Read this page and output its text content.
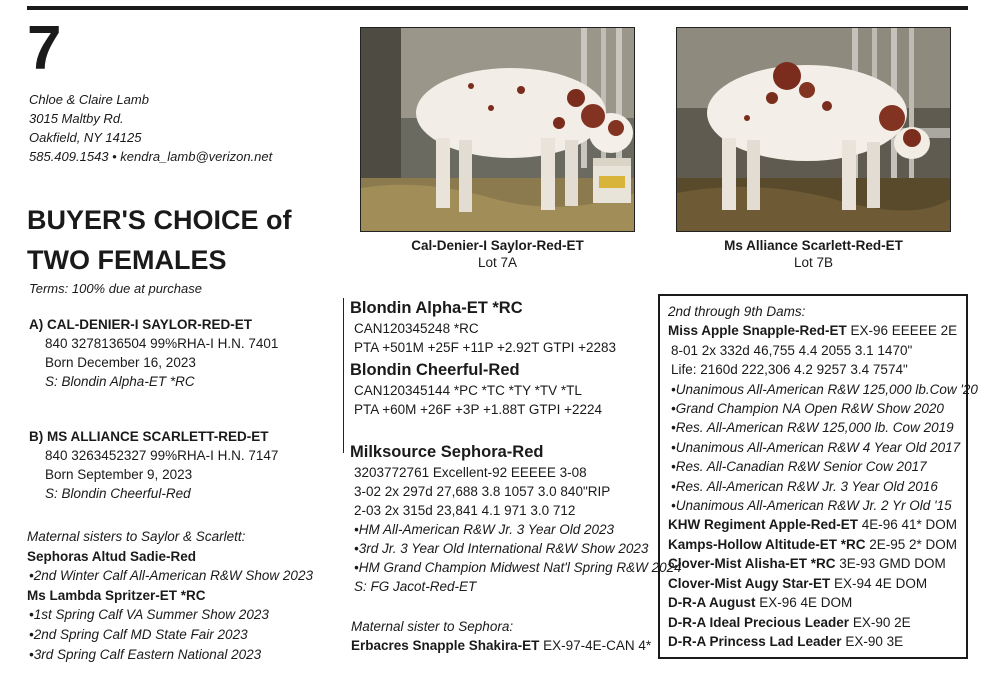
7
Chloe & Claire Lamb
3015 Maltby Rd.
Oakfield, NY 14125
585.409.1543 • kendra_lamb@verizon.net
BUYER'S CHOICE of
TWO FEMALES
Terms: 100% due at purchase
A) CAL-DENIER-I SAYLOR-RED-ET
840 3278136504 99%RHA-I H.N. 7401
Born December 16, 2023
S: Blondin Alpha-ET *RC
B) MS ALLIANCE SCARLETT-RED-ET
840 3263452327 99%RHA-I H.N. 7147
Born September 9, 2023
S: Blondin Cheerful-Red
Maternal sisters to Saylor & Scarlett:
Sephoras Altud Sadie-Red
•2nd Winter Calf All-American R&W Show 2023
Ms Lambda Spritzer-ET *RC
•1st Spring Calf VA Summer Show 2023
•2nd Spring Calf MD State Fair 2023
•3rd Spring Calf Eastern National 2023
Cal-Denier-I Saylor-Red-ET
Lot 7A
Ms Alliance Scarlett-Red-ET
Lot 7B
Blondin Alpha-ET *RC
CAN120345248 *RC
PTA +501M +25F +11P +2.92T GTPI +2283
Blondin Cheerful-Red
CAN120345144 *PC *TC *TY *TV *TL
PTA +60M +26F +3P +1.88T GTPI +2224
Milksource Sephora-Red
3203772761 Excellent-92 EEEEE 3-08
3-02 2x 297d 27,688 3.8 1057 3.0 840"RIP
2-03 2x 315d 23,841 4.1 971 3.0 712
•HM All-American R&W Jr. 3 Year Old 2023
•3rd Jr. 3 Year Old International R&W Show 2023
•HM Grand Champion Midwest Nat'l Spring R&W 2024
S: FG Jacot-Red-ET
Maternal sister to Sephora:
Erbacres Snapple Shakira-ET EX-97-4E-CAN 4*
2nd through 9th Dams:
Miss Apple Snapple-Red-ET EX-96 EEEEE 2E
8-01 2x 332d 46,755 4.4 2055 3.1 1470"
Life: 2160d 222,306 4.2 9257 3.4 7574"
•Unanimous All-American R&W 125,000 lb.Cow '20
•Grand Champion NA Open R&W Show 2020
•Res. All-American R&W 125,000 lb. Cow 2019
•Unanimous All-American R&W 4 Year Old 2017
•Res. All-Canadian R&W Senior Cow 2017
•Res. All-American R&W Jr. 3 Year Old 2016
•Unanimous All-American R&W Jr. 2 Yr Old '15
KHW Regiment Apple-Red-ET 4E-96 41* DOM
Kamps-Hollow Altitude-ET *RC 2E-95 2* DOM
Clover-Mist Alisha-ET *RC 3E-93 GMD DOM
Clover-Mist Augy Star-ET EX-94 4E DOM
D-R-A August EX-96 4E DOM
D-R-A Ideal Precious Leader EX-90 2E
D-R-A Princess Lad Leader EX-90 3E
